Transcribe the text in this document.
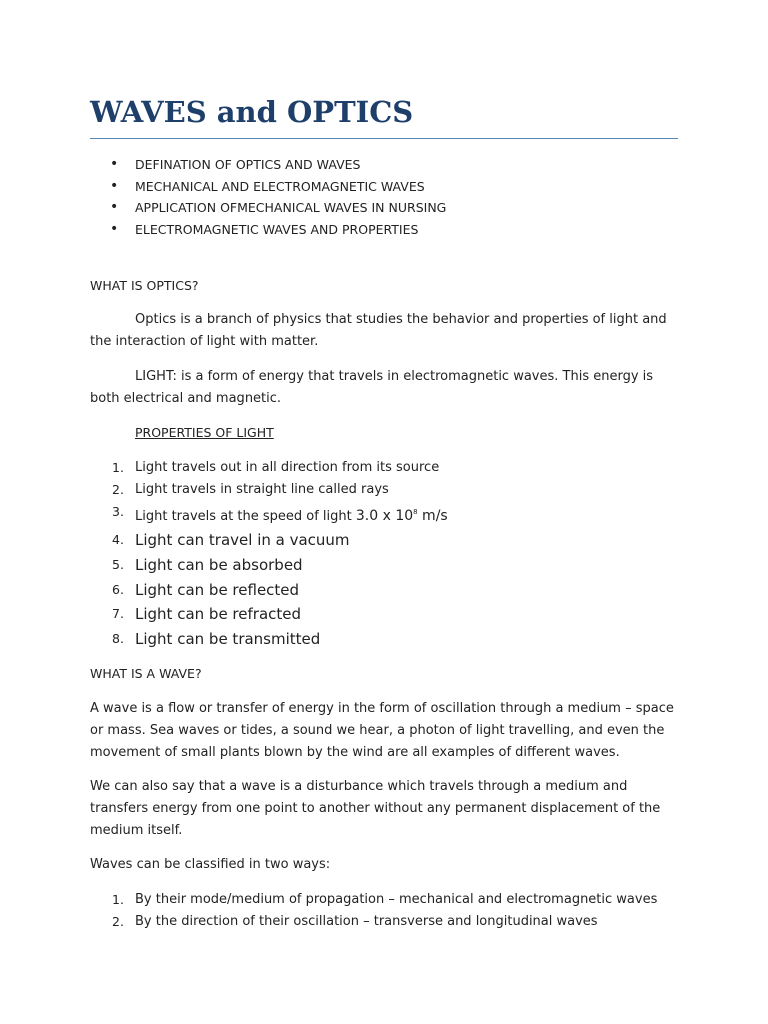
WAVES and OPTICS
• DEFINATION OF OPTICS AND WAVES
• MECHANICAL AND ELECTROMAGNETIC WAVES
• APPLICATION OFMECHANICAL WAVES IN NURSING
• ELECTROMAGNETIC WAVES AND PROPERTIES

WHAT IS OPTICS?

Optics is a branch of physics that studies the behavior and properties of light and the interaction of light with matter.

LIGHT: is a form of energy that travels in electromagnetic waves. This energy is both electrical and magnetic.

PROPERTIES OF LIGHT

1. Light travels out in all direction from its source
2. Light travels in straight line called rays
3. Light travels at the speed of light 3.0 x $10^8$ m/s
4. Light can travel in a vacuum
5. Light can be absorbed
6. Light can be reflected
7. Light can be refracted
8. Light can be transmitted

WHAT IS A WAVE?

A wave is a flow or transfer of energy in the form of oscillation through a medium – space or mass. Sea waves or tides, a sound we hear, a photon of light travelling, and even the movement of small plants blown by the wind are all examples of different waves.

We can also say that a wave is a disturbance which travels through a medium and transfers energy from one point to another without any permanent displacement of the medium itself.

Waves can be classified in two ways:

1. By their mode/medium of propagation – mechanical and electromagnetic waves
2. By the direction of their oscillation – transverse and longitudinal waves
